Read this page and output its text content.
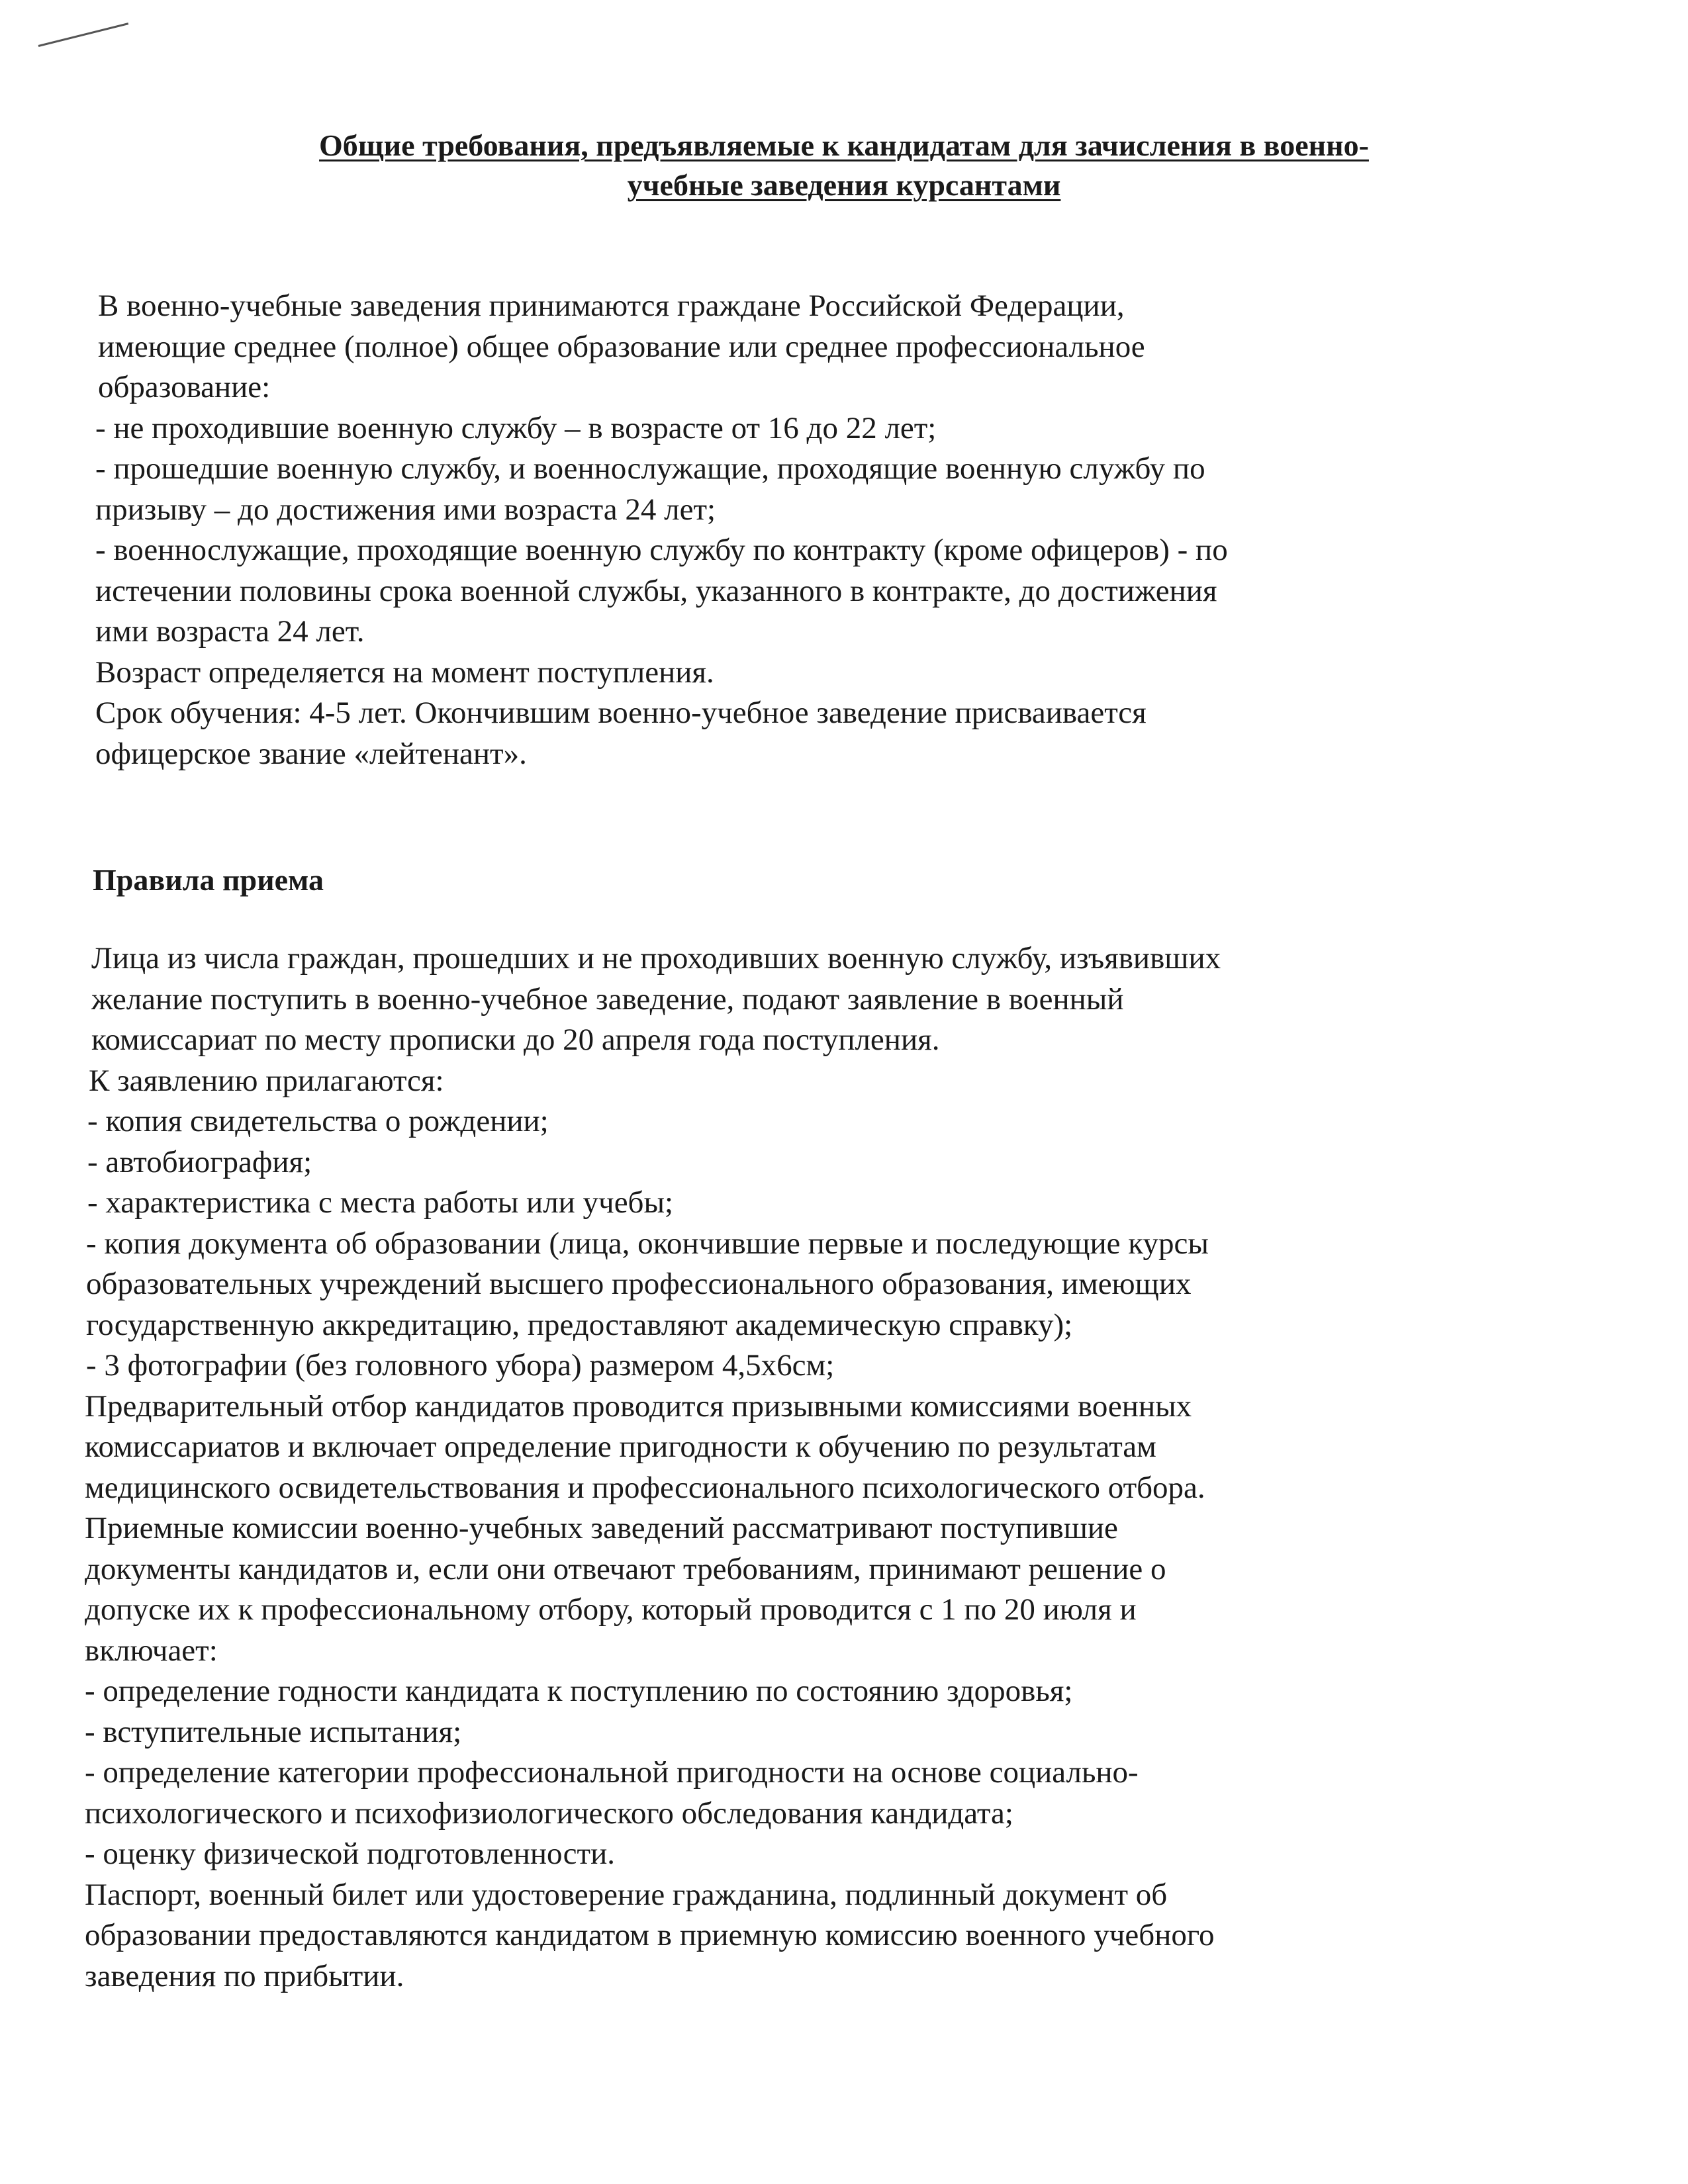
Общие требования, предъявляемые к кандидатам для зачисления в военно-
учебные заведения курсантами
В военно-учебные заведения принимаются граждане Российской Федерации,
имеющие среднее (полное) общее образование или среднее профессиональное
образование:
- не проходившие военную службу – в возрасте от 16 до 22 лет;
- прошедшие военную службу, и военнослужащие, проходящие военную службу по
призыву – до достижения ими возраста 24 лет;
- военнослужащие, проходящие военную службу по контракту (кроме офицеров) - по
истечении половины срока военной службы, указанного в контракте, до достижения
ими возраста 24 лет.
Возраст определяется на момент поступления.
Срок обучения: 4-5 лет. Окончившим военно-учебное заведение присваивается
офицерское звание «лейтенант».
Правила приема
Лица из числа граждан, прошедших и не проходивших военную службу, изъявивших
желание поступить в военно-учебное заведение, подают заявление в военный
комиссариат по месту прописки до 20 апреля года поступления.
К заявлению прилагаются:
- копия свидетельства о рождении;
- автобиография;
- характеристика с места работы или учебы;
- копия документа об образовании (лица, окончившие первые и последующие курсы
образовательных учреждений высшего профессионального образования, имеющих
государственную аккредитацию, предоставляют академическую справку);
- 3 фотографии (без головного убора) размером 4,5х6см;
Предварительный отбор кандидатов проводится призывными комиссиями военных
комиссариатов и включает определение пригодности к обучению по результатам
медицинского освидетельствования и профессионального психологического отбора.
Приемные комиссии военно-учебных заведений рассматривают поступившие
документы кандидатов и, если они отвечают требованиям, принимают решение о
допуске их к профессиональному отбору, который проводится с 1 по 20 июля и
включает:
- определение годности кандидата к поступлению по состоянию здоровья;
- вступительные испытания;
- определение категории профессиональной пригодности на основе социально-
психологического и психофизиологического обследования кандидата;
- оценку физической подготовленности.
Паспорт, военный билет или удостоверение гражданина, подлинный документ об
образовании предоставляются кандидатом в приемную комиссию военного учебного
заведения по прибытии.
